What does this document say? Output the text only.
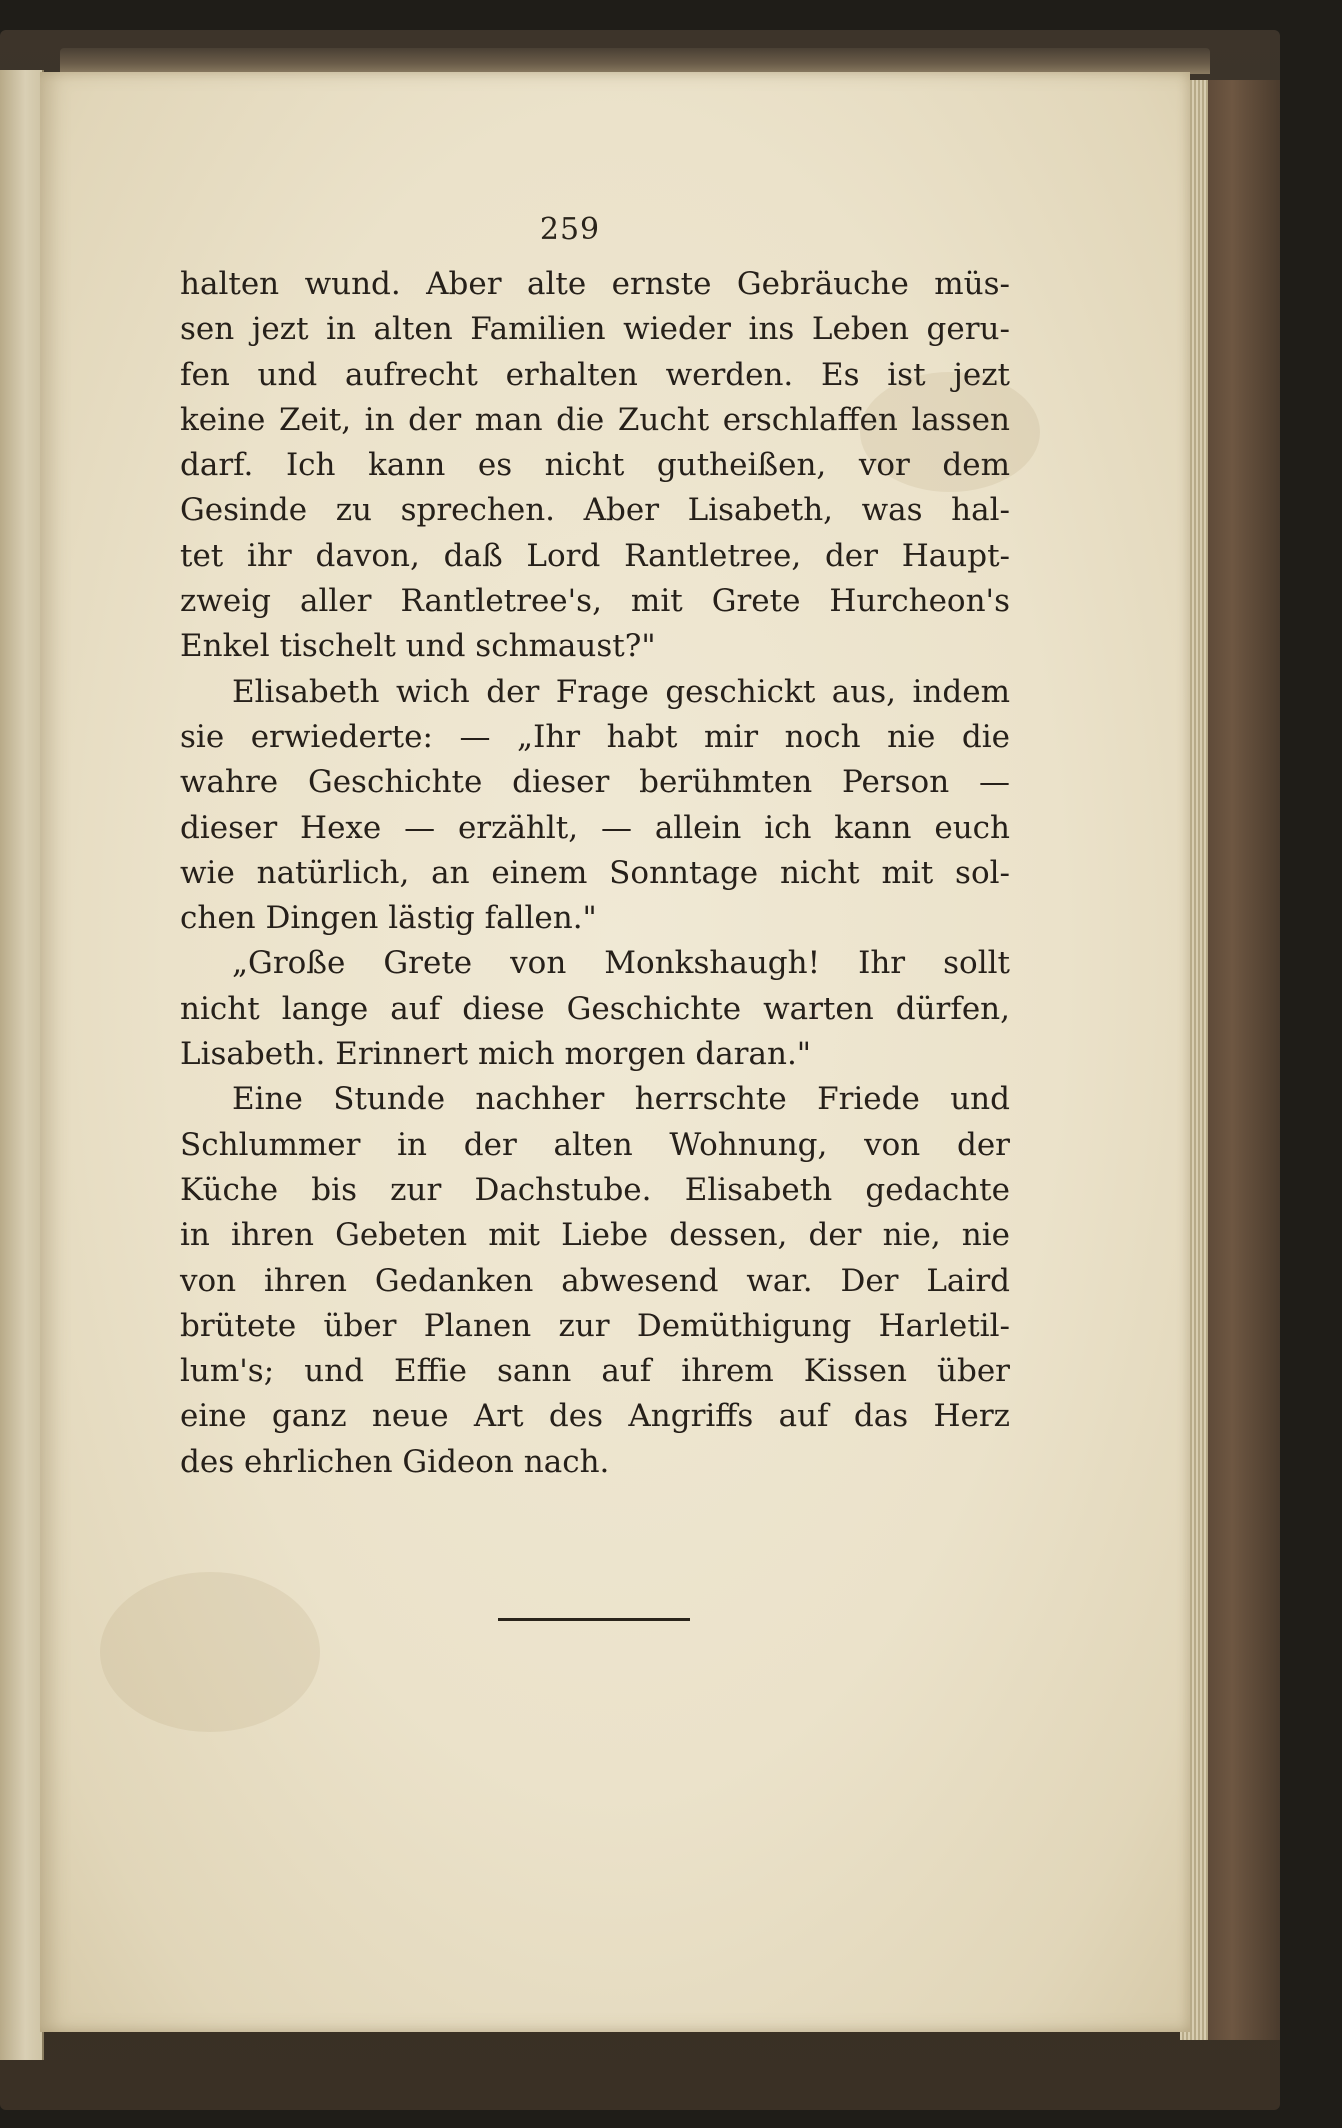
259
halten wund. Aber alte ernste Gebräuche müs-
sen jezt in alten Familien wieder ins Leben geru-
fen und aufrecht erhalten werden. Es ist jezt
keine Zeit, in der man die Zucht erschlaffen lassen
darf. Ich kann es nicht gutheißen, vor dem
Gesinde zu sprechen. Aber Lisabeth, was hal-
tet ihr davon, daß Lord Rantletree, der Haupt-
zweig aller Rantletree's, mit Grete Hurcheon's
Enkel tischelt und schmaust?"
Elisabeth wich der Frage geschickt aus, indem
sie erwiederte: — „Ihr habt mir noch nie die
wahre Geschichte dieser berühmten Person —
dieser Hexe — erzählt, — allein ich kann euch
wie natürlich, an einem Sonntage nicht mit sol-
chen Dingen lästig fallen."
„Große Grete von Monkshaugh! Ihr sollt
nicht lange auf diese Geschichte warten dürfen,
Lisabeth. Erinnert mich morgen daran."
Eine Stunde nachher herrschte Friede und
Schlummer in der alten Wohnung, von der
Küche bis zur Dachstube. Elisabeth gedachte
in ihren Gebeten mit Liebe dessen, der nie, nie
von ihren Gedanken abwesend war. Der Laird
brütete über Planen zur Demüthigung Harletil-
lum's; und Effie sann auf ihrem Kissen über
eine ganz neue Art des Angriffs auf das Herz
des ehrlichen Gideon nach.
